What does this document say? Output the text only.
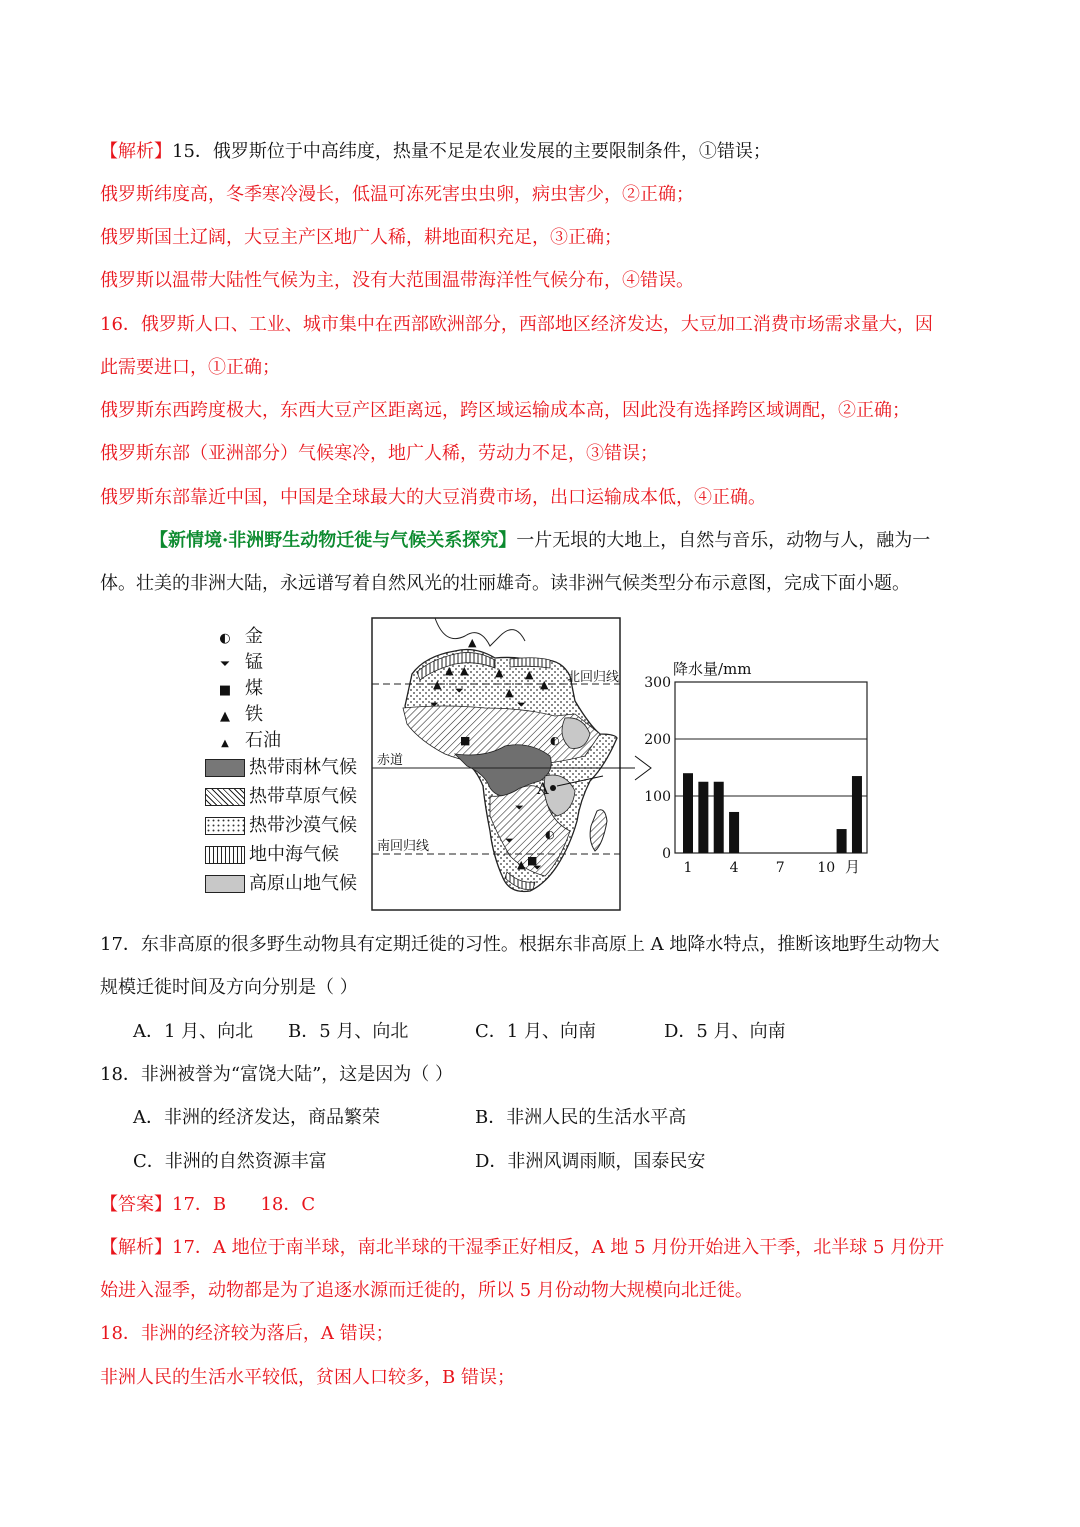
【解析】15．俄罗斯位于中高纬度，热量不足是农业发展的主要限制条件，①错误；
俄罗斯纬度高，冬季寒冷漫长，低温可冻死害虫虫卵，病虫害少，②正确；
俄罗斯国土辽阔，大豆主产区地广人稀，耕地面积充足，③正确；
俄罗斯以温带大陆性气候为主，没有大范围温带海洋性气候分布，④错误。
16．俄罗斯人口、工业、城市集中在西部欧洲部分，西部地区经济发达，大豆加工消费市场需求量大，因
此需要进口，①正确；
俄罗斯东西跨度极大，东西大豆产区距离远，跨区域运输成本高，因此没有选择跨区域调配，②正确；
俄罗斯东部（亚洲部分）气候寒冷，地广人稀，劳动力不足，③错误；
俄罗斯东部靠近中国，中国是全球最大的大豆消费市场，出口运输成本低，④正确。
【新情境·非洲野生动物迁徙与气候关系探究】一片无垠的大地上，自然与音乐，动物与人，融为一
体。壮美的非洲大陆，永远谱写着自然风光的壮丽雄奇。读非洲气候类型分布示意图，完成下面小题。
◐ 金
⏷ 锰
■ 煤
▲ 铁
▲ 石油
热带雨林气候
热带草原气候
热带沙漠气候
地中海气候
高原山地气候
北回归线
赤道
南回归线
▲
▲ ▲ ▲ ▲
▲
▲
▲
⏷
⏷	⏷
■
⏷
⏷
■
⏷
▲
◐
◐
A
降水量/mm
0
100
200
300
1	4	7 10 月
17．东非高原的很多野生动物具有定期迁徙的习性。根据东非高原上 A 地降水特点，推断该地野生动物大
规模迁徙时间及方向分别是（ ）
A．1 月、向北 B．5 月、向北	C．1 月、向南	D．5 月、向南
18．非洲被誉为“富饶大陆”，这是因为（ ）
A．非洲的经济发达，商品繁荣	B．非洲人民的生活水平高
C．非洲的自然资源丰富	D．非洲风调雨顺，国泰民安
【答案】17．B      18．C
【解析】17．A 地位于南半球，南北半球的干湿季正好相反，A 地 5 月份开始进入干季，北半球 5 月份开
始进入湿季，动物都是为了追逐水源而迁徙的，所以 5 月份动物大规模向北迁徙。
18．非洲的经济较为落后，A 错误；
非洲人民的生活水平较低，贫困人口较多，B 错误；
